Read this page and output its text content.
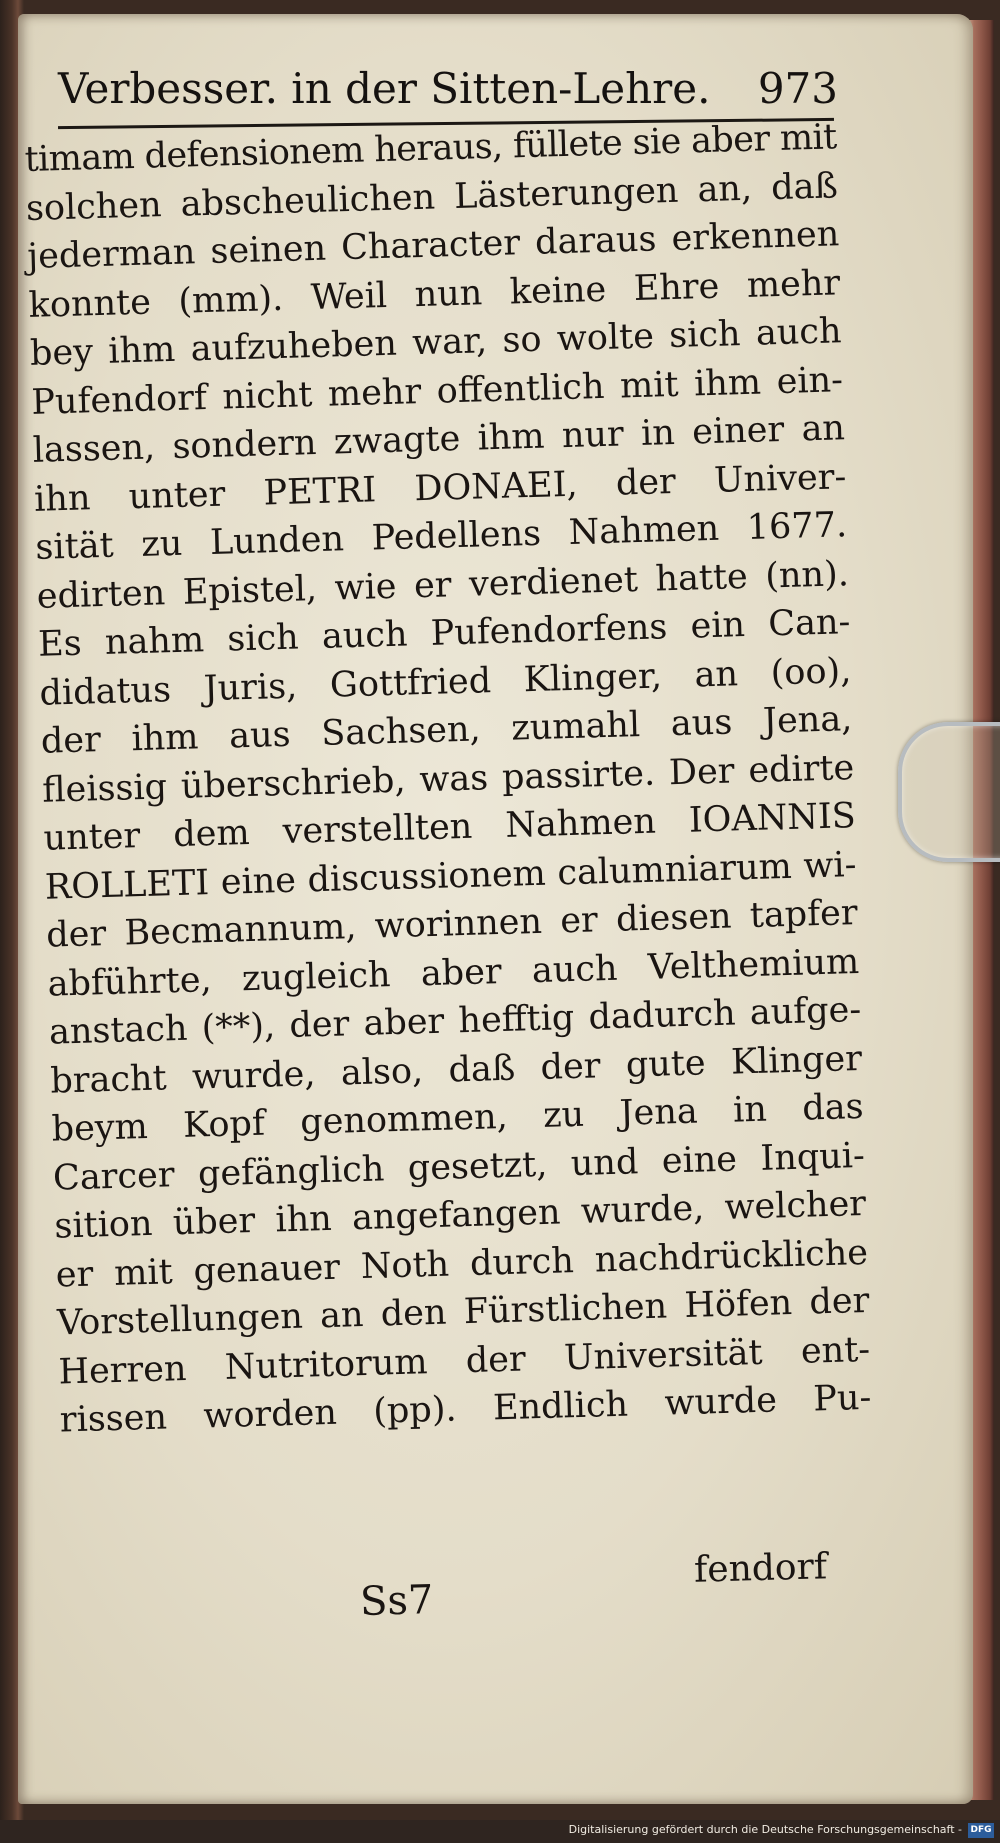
Verbesser. in der Sitten-Lehre. 973
timam defensionem heraus, füllete sie aber mit
solchen abscheulichen Lästerungen an, daß
jederman seinen Character daraus erkennen
konnte (mm). Weil nun keine Ehre mehr
bey ihm aufzuheben war, so wolte sich auch
Pufendorf nicht mehr offentlich mit ihm ein-
lassen, sondern zwagte ihm nur in einer an
ihn unter PETRI DONAEI, der Univer-
sität zu Lunden Pedellens Nahmen 1677.
edirten Epistel, wie er verdienet hatte (nn).
Es nahm sich auch Pufendorfens ein Can-
didatus Juris, Gottfried Klinger, an (oo),
der ihm aus Sachsen, zumahl aus Jena,
fleissig überschrieb, was passirte. Der edirte
unter dem verstellten Nahmen IOANNIS
ROLLETI eine discussionem calumniarum wi-
der Becmannum, worinnen er diesen tapfer
abführte, zugleich aber auch Velthemium
anstach (**), der aber hefftig dadurch aufge-
bracht wurde, also, daß der gute Klinger
beym Kopf genommen, zu Jena in das
Carcer gefänglich gesetzt, und eine Inqui-
sition über ihn angefangen wurde, welcher
er mit genauer Noth durch nachdrückliche
Vorstellungen an den Fürstlichen Höfen der
Herren Nutritorum der Universität ent-
rissen worden (pp). Endlich wurde Pu-
Ss7
fendorf
Digitalisierung gefördert durch die Deutsche Forschungsgemeinschaft - DFG
